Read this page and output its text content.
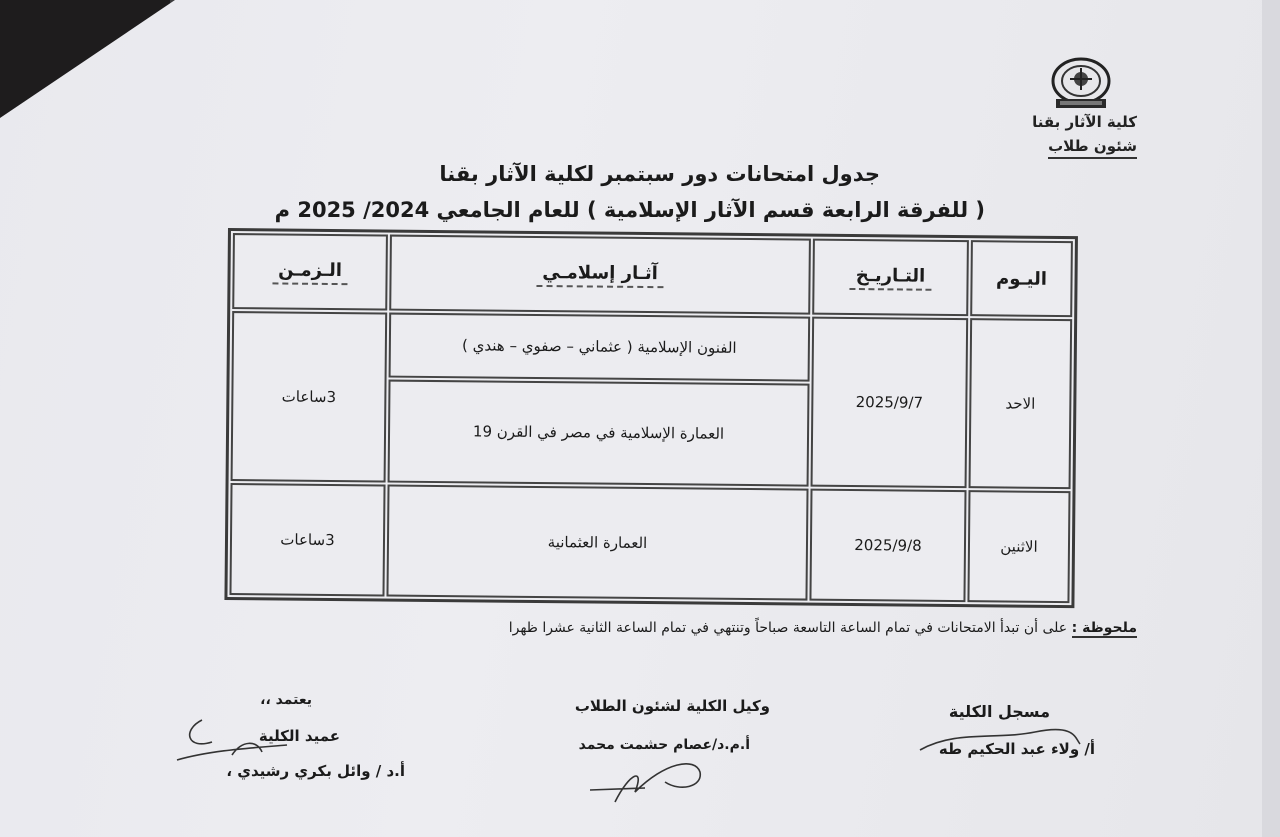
كلية الآثار بقنا
شئون طلاب
جدول امتحانات دور سبتمبر لكلية الآثار بقنا
( للفرقة الرابعة قسم الآثار الإسلامية ) للعام الجامعي 2024/ 2025 م
اليـوم	التـاريـخ	آثـار إسلامـي	الـزمـن
الاحد	2025/9/7	الفنون الإسلامية ( عثماني – صفوي – هندي )	3ساعات
		العمارة الإسلامية في مصر في القرن 19	
الاثنين	2025/9/8	العمارة العثمانية	3ساعات
ملحوظة : على أن تبدأ الامتحانات في تمام الساعة التاسعة صباحاً وتنتهي في تمام الساعة الثانية عشرا ظهرا
مسجل الكلية
أ/ ولاء عبد الحكيم طه
وكيل الكلية لشئون الطلاب
أ.م.د/عصام حشمت محمد
يعتمد ،،
عميد الكلية
أ.د / وائل بكري رشيدي ،
